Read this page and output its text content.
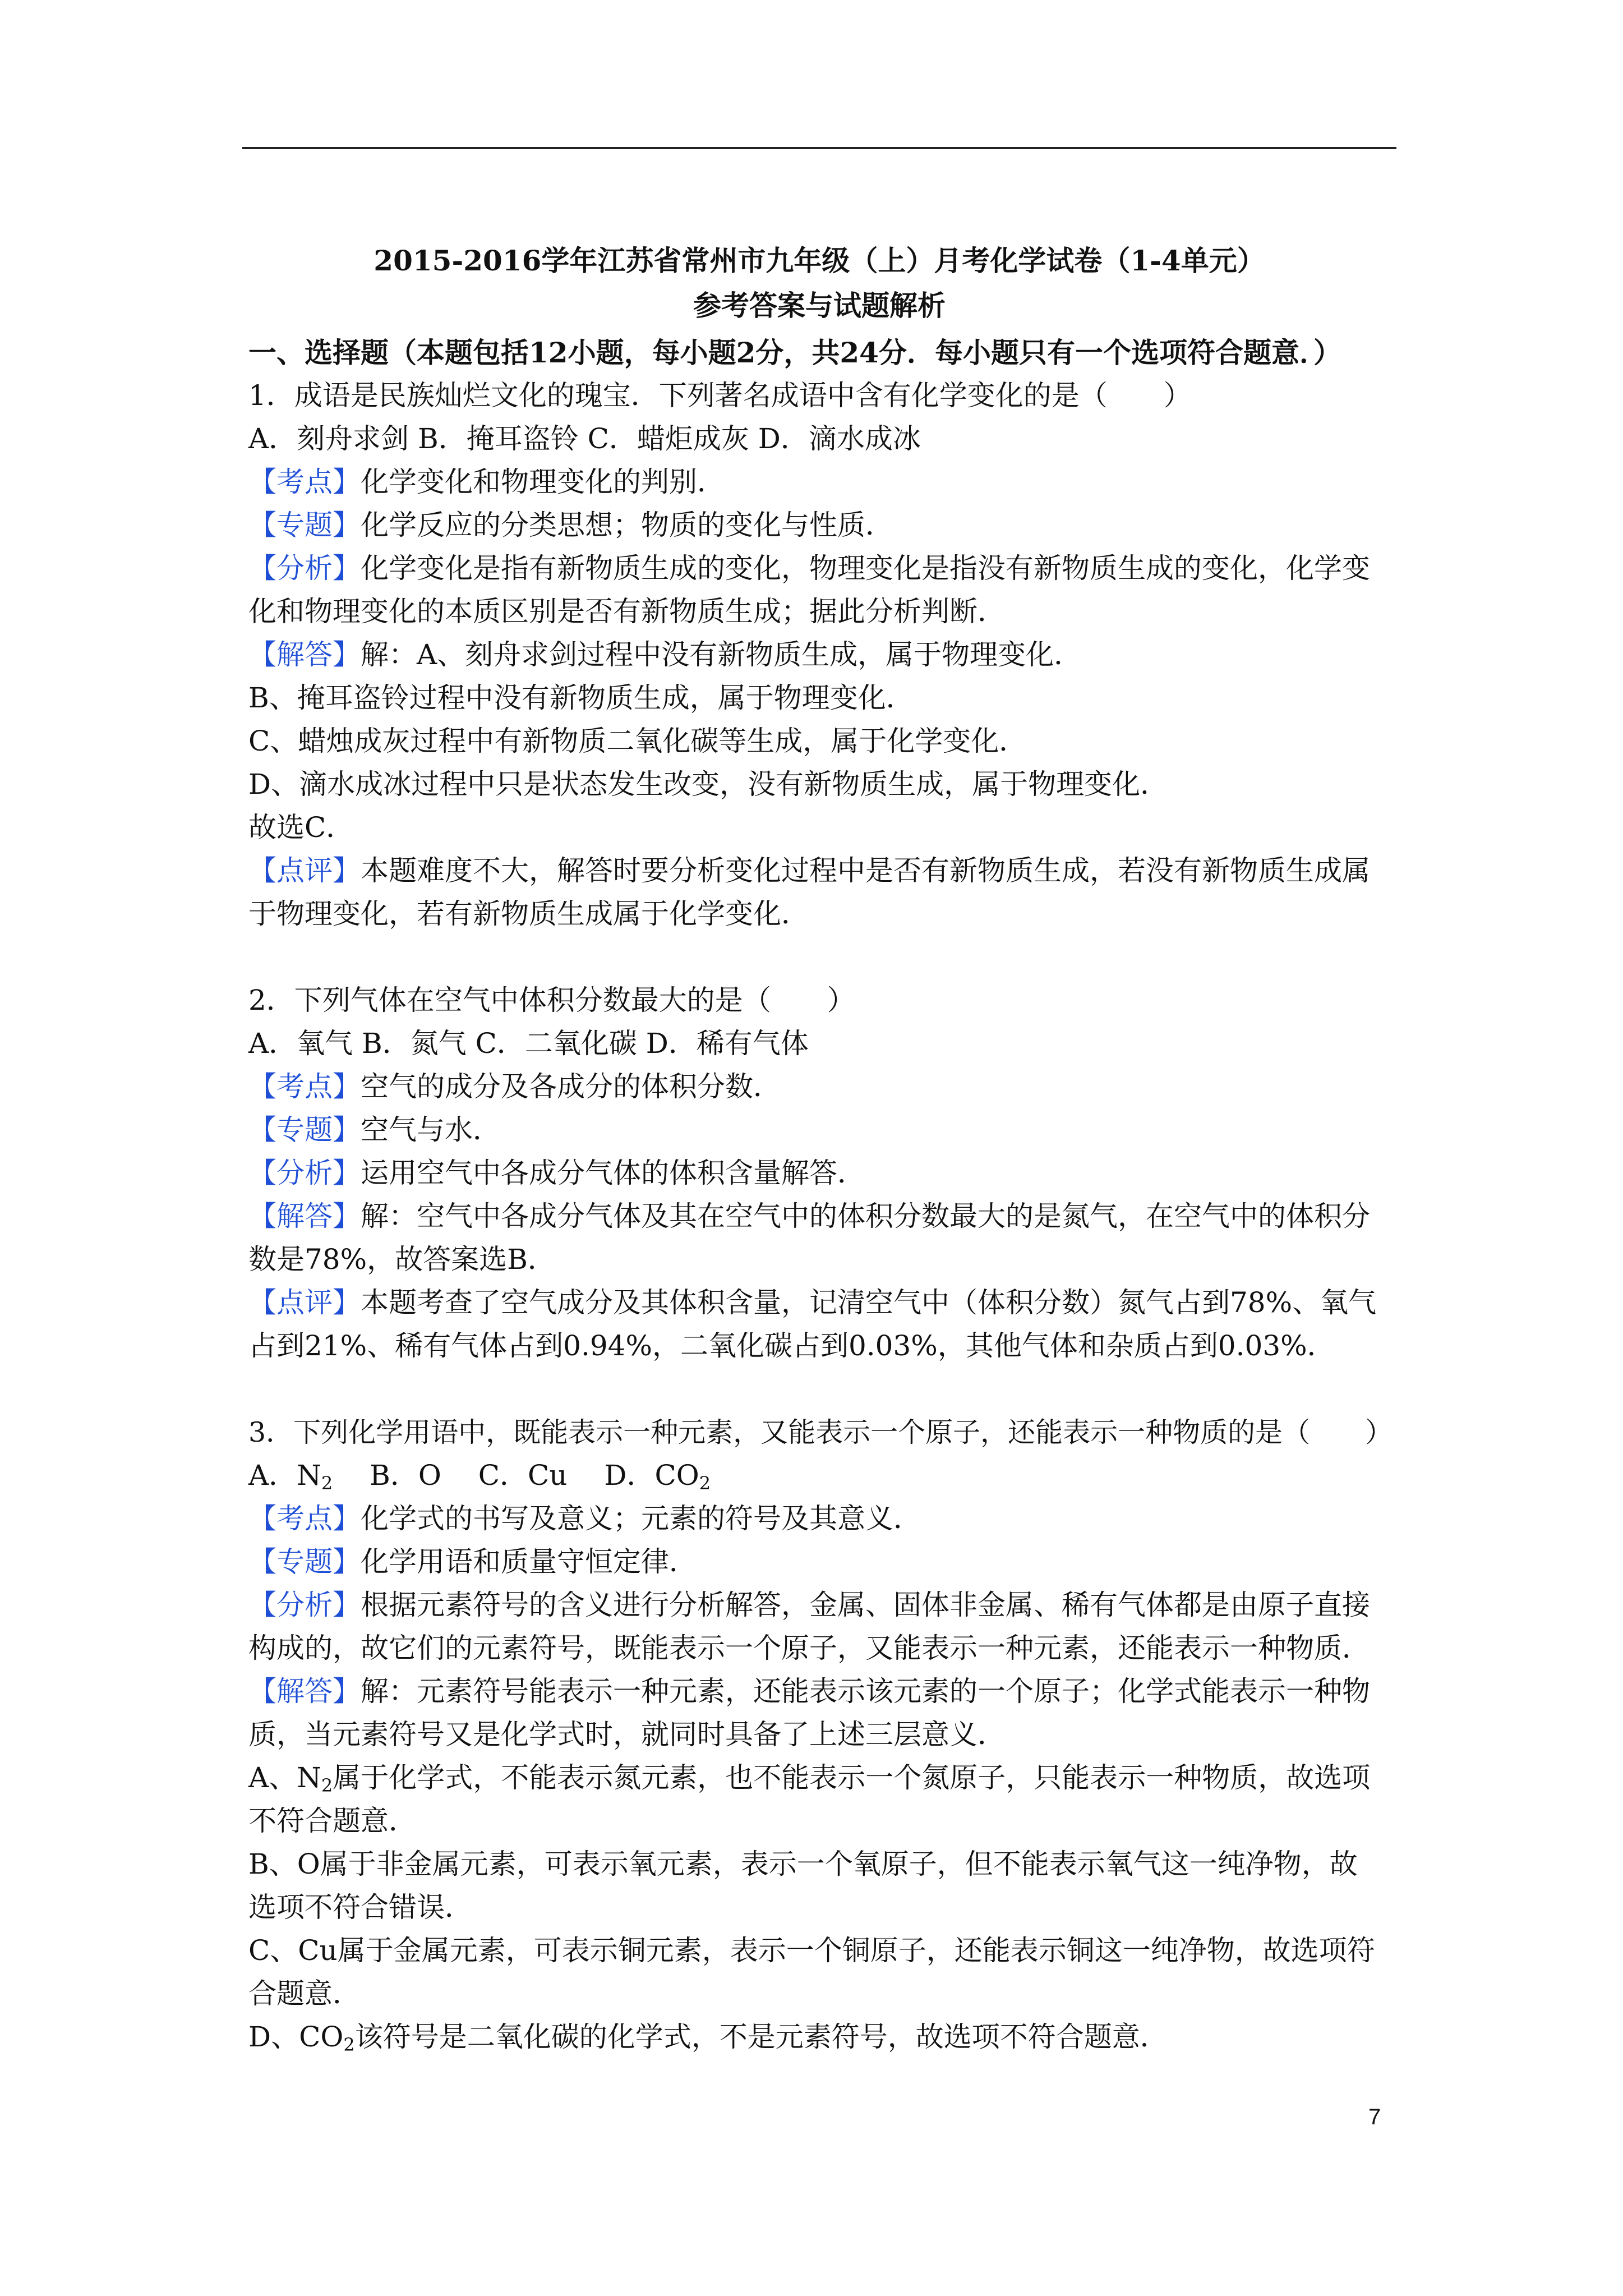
2015-2016学年江苏省常州市九年级（上）月考化学试卷（1-4单元）
参考答案与试题解析
一、选择题（本题包括12小题，每小题2分，共24分．每小题只有一个选项符合题意．）
1．成语是民族灿烂文化的瑰宝．下列著名成语中含有化学变化的是（　　）
A．刻舟求剑 B．掩耳盗铃 C．蜡炬成灰 D．滴水成冰
【考点】化学变化和物理变化的判别．
【专题】化学反应的分类思想；物质的变化与性质．
【分析】化学变化是指有新物质生成的变化，物理变化是指没有新物质生成的变化，化学变
化和物理变化的本质区别是否有新物质生成；据此分析判断．
【解答】解：A、刻舟求剑过程中没有新物质生成，属于物理变化．
B、掩耳盗铃过程中没有新物质生成，属于物理变化．
C、蜡烛成灰过程中有新物质二氧化碳等生成，属于化学变化．
D、滴水成冰过程中只是状态发生改变，没有新物质生成，属于物理变化．
故选C．
【点评】本题难度不大，解答时要分析变化过程中是否有新物质生成，若没有新物质生成属
于物理变化，若有新物质生成属于化学变化．
2．下列气体在空气中体积分数最大的是（　　）
A．氧气 B．氮气 C．二氧化碳 D．稀有气体
【考点】空气的成分及各成分的体积分数．
【专题】空气与水．
【分析】运用空气中各成分气体的体积含量解答．
【解答】解：空气中各成分气体及其在空气中的体积分数最大的是氮气，在空气中的体积分
数是78%，故答案选B．
【点评】本题考查了空气成分及其体积含量，记清空气中（体积分数）氮气占到78%、氧气
占到21%、稀有气体占到0.94%，二氧化碳占到0.03%，其他气体和杂质占到0.03%．
3．下列化学用语中，既能表示一种元素，又能表示一个原子，还能表示一种物质的是（　　）
A．$N_2$  B．O  C．Cu  D．$CO_2$
【考点】化学式的书写及意义；元素的符号及其意义．
【专题】化学用语和质量守恒定律．
【分析】根据元素符号的含义进行分析解答，金属、固体非金属、稀有气体都是由原子直接
构成的，故它们的元素符号，既能表示一个原子，又能表示一种元素，还能表示一种物质．
【解答】解：元素符号能表示一种元素，还能表示该元素的一个原子；化学式能表示一种物
质，当元素符号又是化学式时，就同时具备了上述三层意义．
A、$N_2$属于化学式，不能表示氮元素，也不能表示一个氮原子，只能表示一种物质，故选项
不符合题意．
B、O属于非金属元素，可表示氧元素，表示一个氧原子，但不能表示氧气这一纯净物，故
选项不符合错误．
C、Cu属于金属元素，可表示铜元素，表示一个铜原子，还能表示铜这一纯净物，故选项符
合题意．
D、$CO_2$该符号是二氧化碳的化学式，不是元素符号，故选项不符合题意．
7
